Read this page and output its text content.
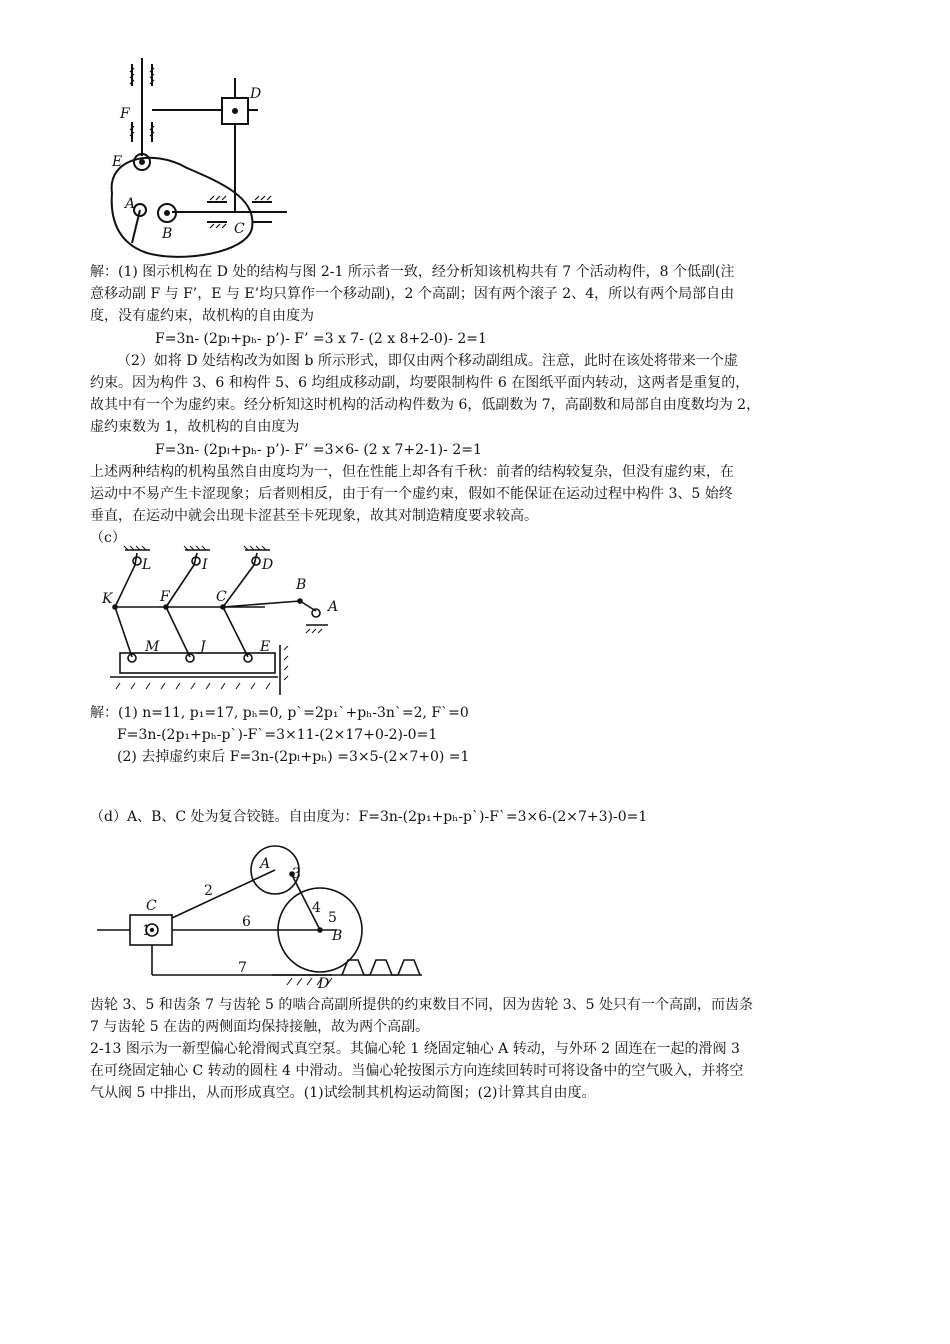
D
F
E
A
B	C
解：(1) 图示机构在 D 处的结构与图 2-1 所示者一致，经分析知该机构共有 7 个活动构件，8 个低副(注
意移动副 F 与 F’，E 与 E’均只算作一个移动副)，2 个高副；因有两个滚子 2、4，所以有两个局部自由
度，没有虚约束，故机构的自由度为
F=3n- (2pₗ+pₕ- p’)- F’ =3 x 7- (2 x 8+2-0)- 2=1
（2）如将 D 处结构改为如图 b 所示形式，即仅由两个移动副组成。注意，此时在该处将带来一个虚
约束。因为构件 3、6 和构件 5、6 均组成移动副，均要限制构件 6 在图纸平面内转动，这两者是重复的，
故其中有一个为虚约束。经分析知这时机构的活动构件数为 6，低副数为 7，高副数和局部自由度数均为 2，
虚约束数为 1，故机构的自由度为
F=3n- (2pₗ+pₕ- p’)- F’ =3×6- (2 x 7+2-1)- 2=1
上述两种结构的机构虽然自由度均为一，但在性能上却各有千秋：前者的结构较复杂，但没有虚约束，在
运动中不易产生卡涩现象；后者则相反，由于有一个虚约束，假如不能保证在运动过程中构件 3、5 始终
垂直，在运动中就会出现卡涩甚至卡死现象，故其对制造精度要求较高。
（c）
L	I	D
B
K	F	C
A
M	J	E
解：(1) n=11, p₁=17, pₕ=0, p`=2p₁`+pₕ-3n`=2, F`=0
F=3n-(2p₁+pₕ-p`)-F`=3×11-(2×17+0-2)-0=1
(2) 去掉虚约束后 F=3n-(2pₗ+pₕ) =3×5-(2×7+0) =1
（d）A、B、C 处为复合铰链。自由度为：F=3n-(2p₁+pₕ-p`)-F`=3×6-(2×7+3)-0=1
A
C
B
D
1
2
3
4
5
6
7
齿轮 3、5 和齿条 7 与齿轮 5 的啮合高副所提供的约束数目不同，因为齿轮 3、5 处只有一个高副，而齿条
7 与齿轮 5 在齿的两侧面均保持接触，故为两个高副。
2-13 图示为一新型偏心轮滑阀式真空泵。其偏心轮 1 绕固定轴心 A 转动，与外环 2 固连在一起的滑阀 3
在可绕固定轴心 C 转动的圆柱 4 中滑动。当偏心轮按图示方向连续回转时可将设备中的空气吸入，并将空
气从阀 5 中排出，从而形成真空。(1)试绘制其机构运动简图；(2)计算其自由度。
